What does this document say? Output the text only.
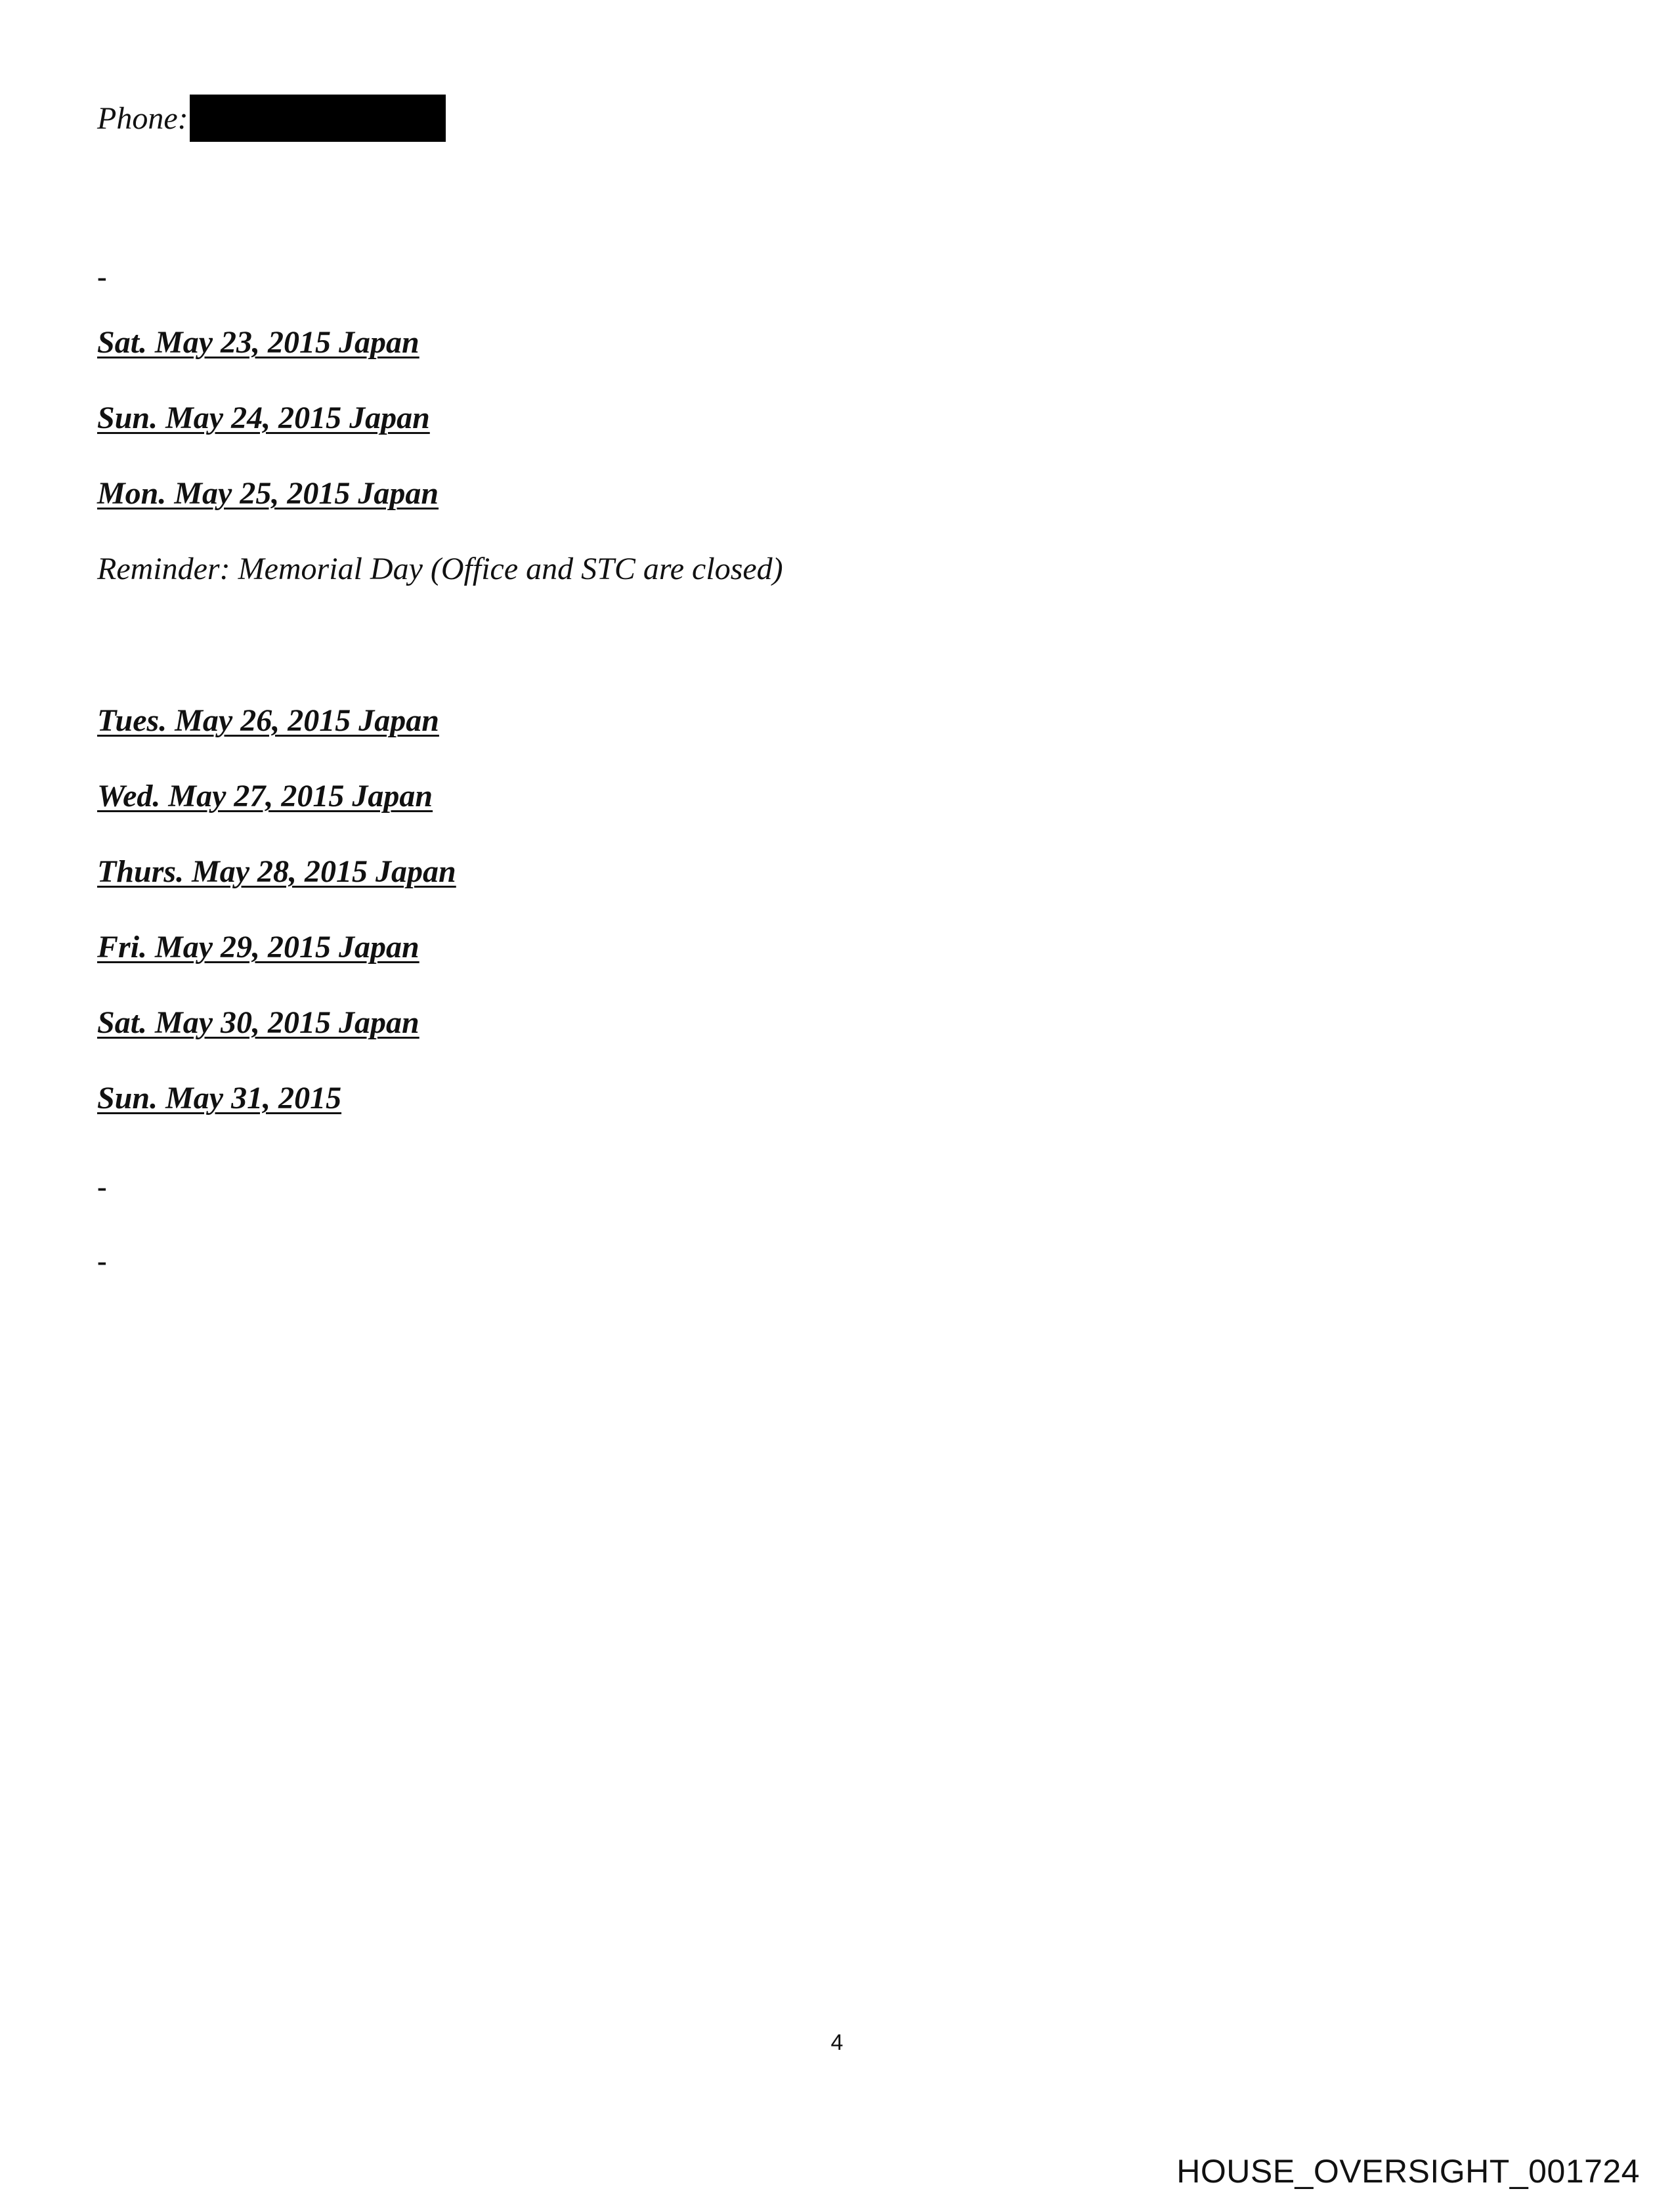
Phone:
-
Sat. May 23, 2015 Japan
Sun. May 24, 2015 Japan
Mon. May 25, 2015 Japan
Reminder: Memorial Day (Office and STC are closed)
Tues. May 26, 2015 Japan
Wed. May 27, 2015 Japan
Thurs. May 28, 2015 Japan
Fri. May 29, 2015 Japan
Sat. May 30, 2015 Japan
Sun. May 31, 2015
-
-
4
HOUSE_OVERSIGHT_001724
